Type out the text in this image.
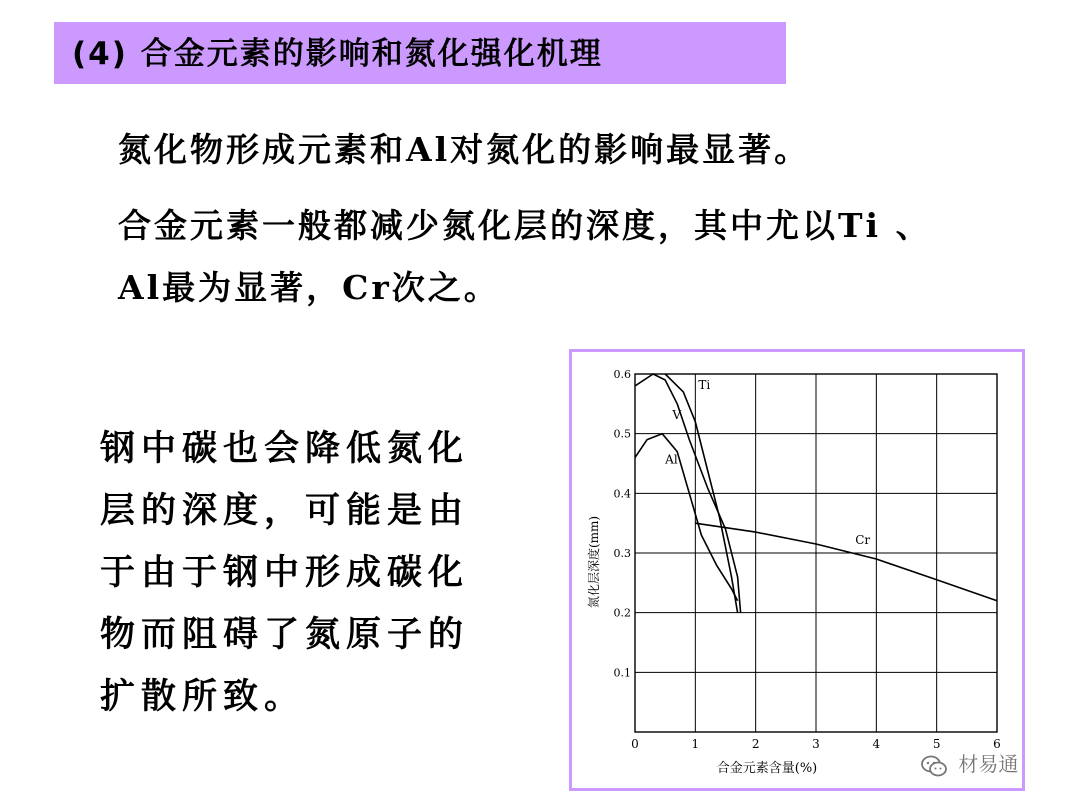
(4) 合金元素的影响和氮化强化机理
氮化物形成元素和Al对氮化的影响最显著。
合金元素一般都减少氮化层的深度，其中尤以Ti 、
Al最为显著，Cr次之。
钢中碳也会降低氮化
层的深度，可能是由
于由于钢中形成碳化
物而阻碍了氮原子的
扩散所致。
0	1	2	3	4	5	6
0.1
0.2
0.3
0.4
0.5
0.6
Ti
V
Al
Cr
合金元素含量(%)
氮化层深度(mm)
材易通
